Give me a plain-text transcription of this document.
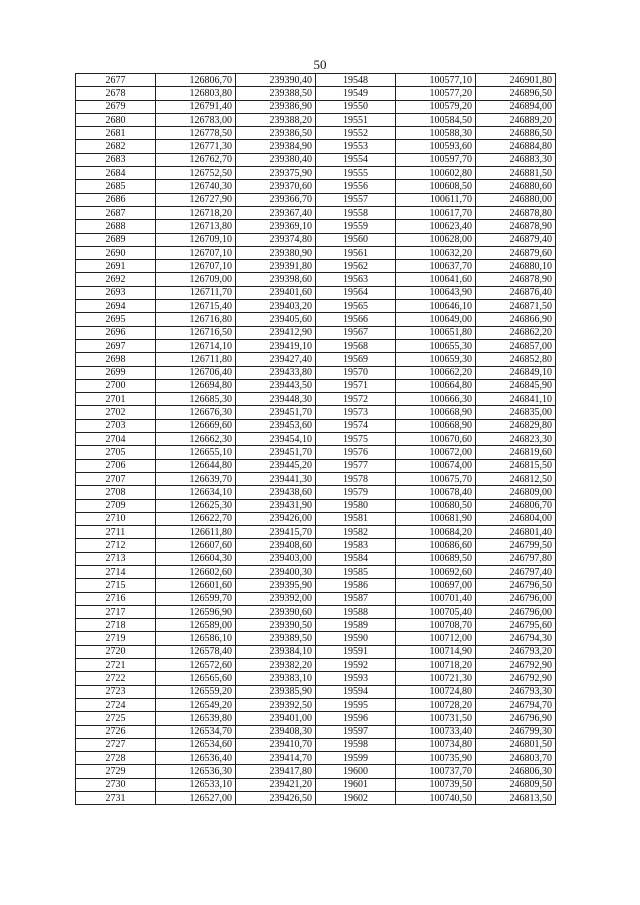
50
2677	126806,70	239390,40	19548	100577,10	246901,80
2678	126803,80	239388,50	19549	100577,20	246896,50
2679	126791,40	239386,90	19550	100579,20	246894,00
2680	126783,00	239388,20	19551	100584,50	246889,20
2681	126778,50	239386,50	19552	100588,30	246886,50
2682	126771,30	239384,90	19553	100593,60	246884,80
2683	126762,70	239380,40	19554	100597,70	246883,30
2684	126752,50	239375,90	19555	100602,80	246881,50
2685	126740,30	239370,60	19556	100608,50	246880,60
2686	126727,90	239366,70	19557	100611,70	246880,00
2687	126718,20	239367,40	19558	100617,70	246878,80
2688	126713,80	239369,10	19559	100623,40	246878,90
2689	126709,10	239374,80	19560	100628,00	246879,40
2690	126707,10	239380,90	19561	100632,20	246879,60
2691	126707,10	239391,80	19562	100637,70	246880,10
2692	126709,00	239398,60	19563	100641,60	246878,90
2693	126711,70	239401,60	19564	100643,90	246876,40
2694	126715,40	239403,20	19565	100646,10	246871,50
2695	126716,80	239405,60	19566	100649,00	246866,90
2696	126716,50	239412,90	19567	100651,80	246862,20
2697	126714,10	239419,10	19568	100655,30	246857,00
2698	126711,80	239427,40	19569	100659,30	246852,80
2699	126706,40	239433,80	19570	100662,20	246849,10
2700	126694,80	239443,50	19571	100664,80	246845,90
2701	126685,30	239448,30	19572	100666,30	246841,10
2702	126676,30	239451,70	19573	100668,90	246835,00
2703	126669,60	239453,60	19574	100668,90	246829,80
2704	126662,30	239454,10	19575	100670,60	246823,30
2705	126655,10	239451,70	19576	100672,00	246819,60
2706	126644,80	239445,20	19577	100674,00	246815,50
2707	126639,70	239441,30	19578	100675,70	246812,50
2708	126634,10	239438,60	19579	100678,40	246809,00
2709	126625,30	239431,90	19580	100680,50	246806,70
2710	126622,70	239426,00	19581	100681,90	246804,00
2711	126611,80	239415,70	19582	100684,20	246801,40
2712	126607,60	239408,60	19583	100686,60	246799,50
2713	126604,30	239403,00	19584	100689,50	246797,80
2714	126602,60	239400,30	19585	100692,60	246797,40
2715	126601,60	239395,90	19586	100697,00	246796,50
2716	126599,70	239392,00	19587	100701,40	246796,00
2717	126596,90	239390,60	19588	100705,40	246796,00
2718	126589,00	239390,50	19589	100708,70	246795,60
2719	126586,10	239389,50	19590	100712,00	246794,30
2720	126578,40	239384,10	19591	100714,90	246793,20
2721	126572,60	239382,20	19592	100718,20	246792,90
2722	126565,60	239383,10	19593	100721,30	246792,90
2723	126559,20	239385,90	19594	100724,80	246793,30
2724	126549,20	239392,50	19595	100728,20	246794,70
2725	126539,80	239401,00	19596	100731,50	246796,90
2726	126534,70	239408,30	19597	100733,40	246799,30
2727	126534,60	239410,70	19598	100734,80	246801,50
2728	126536,40	239414,70	19599	100735,90	246803,70
2729	126536,30	239417,80	19600	100737,70	246806,30
2730	126533,10	239421,20	19601	100739,50	246809,50
2731	126527,00	239426,50	19602	100740,50	246813,50
